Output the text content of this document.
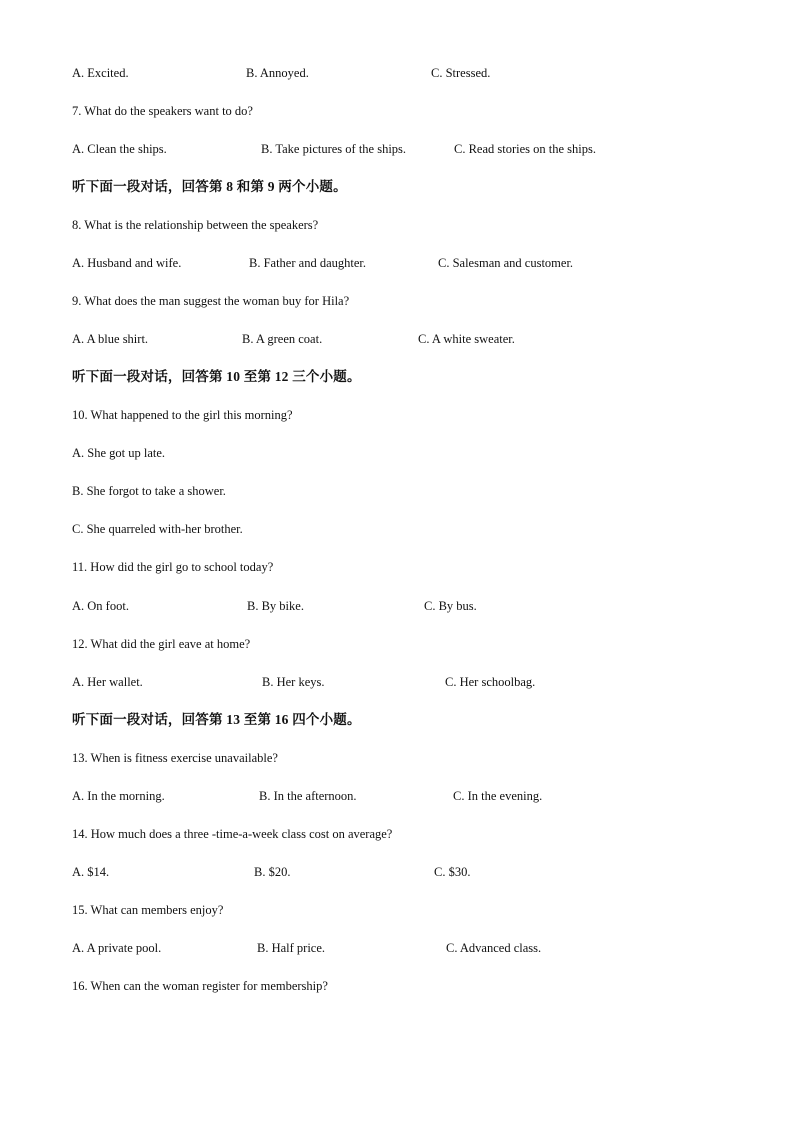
A. Excited.	B. Annoyed.	C. Stressed.
7. What do the speakers want to do?
A. Clean the ships.	B. Take pictures of the ships.	C. Read stories on the ships.
听下面一段对话，回答第 8 和第 9 两个小题。
8. What is the relationship between the speakers?
A. Husband and wife.	B. Father and daughter.	C. Salesman and customer.
9. What does the man suggest the woman buy for Hila?
A. A blue shirt.	B. A green coat.	C. A white sweater.
听下面一段对话，回答第 10 至第 12 三个小题。
10. What happened to the girl this morning?
A. She got up late.
B. She forgot to take a shower.
C. She quarreled with-her brother.
11. How did the girl go to school today?
A. On foot.	B. By bike.	C. By bus.
12. What did the girl eave at home?
A. Her wallet.	B. Her keys.	C. Her schoolbag.
听下面一段对话，回答第 13 至第 16 四个小题。
13. When is fitness exercise unavailable?
A. In the morning.	B. In the afternoon.	C. In the evening.
14. How much does a three -time-a-week class cost on average?
A. $14.	B. $20.	C. $30.
15. What can members enjoy?
A. A private pool.	B. Half price.	C. Advanced class.
16. When can the woman register for membership?
